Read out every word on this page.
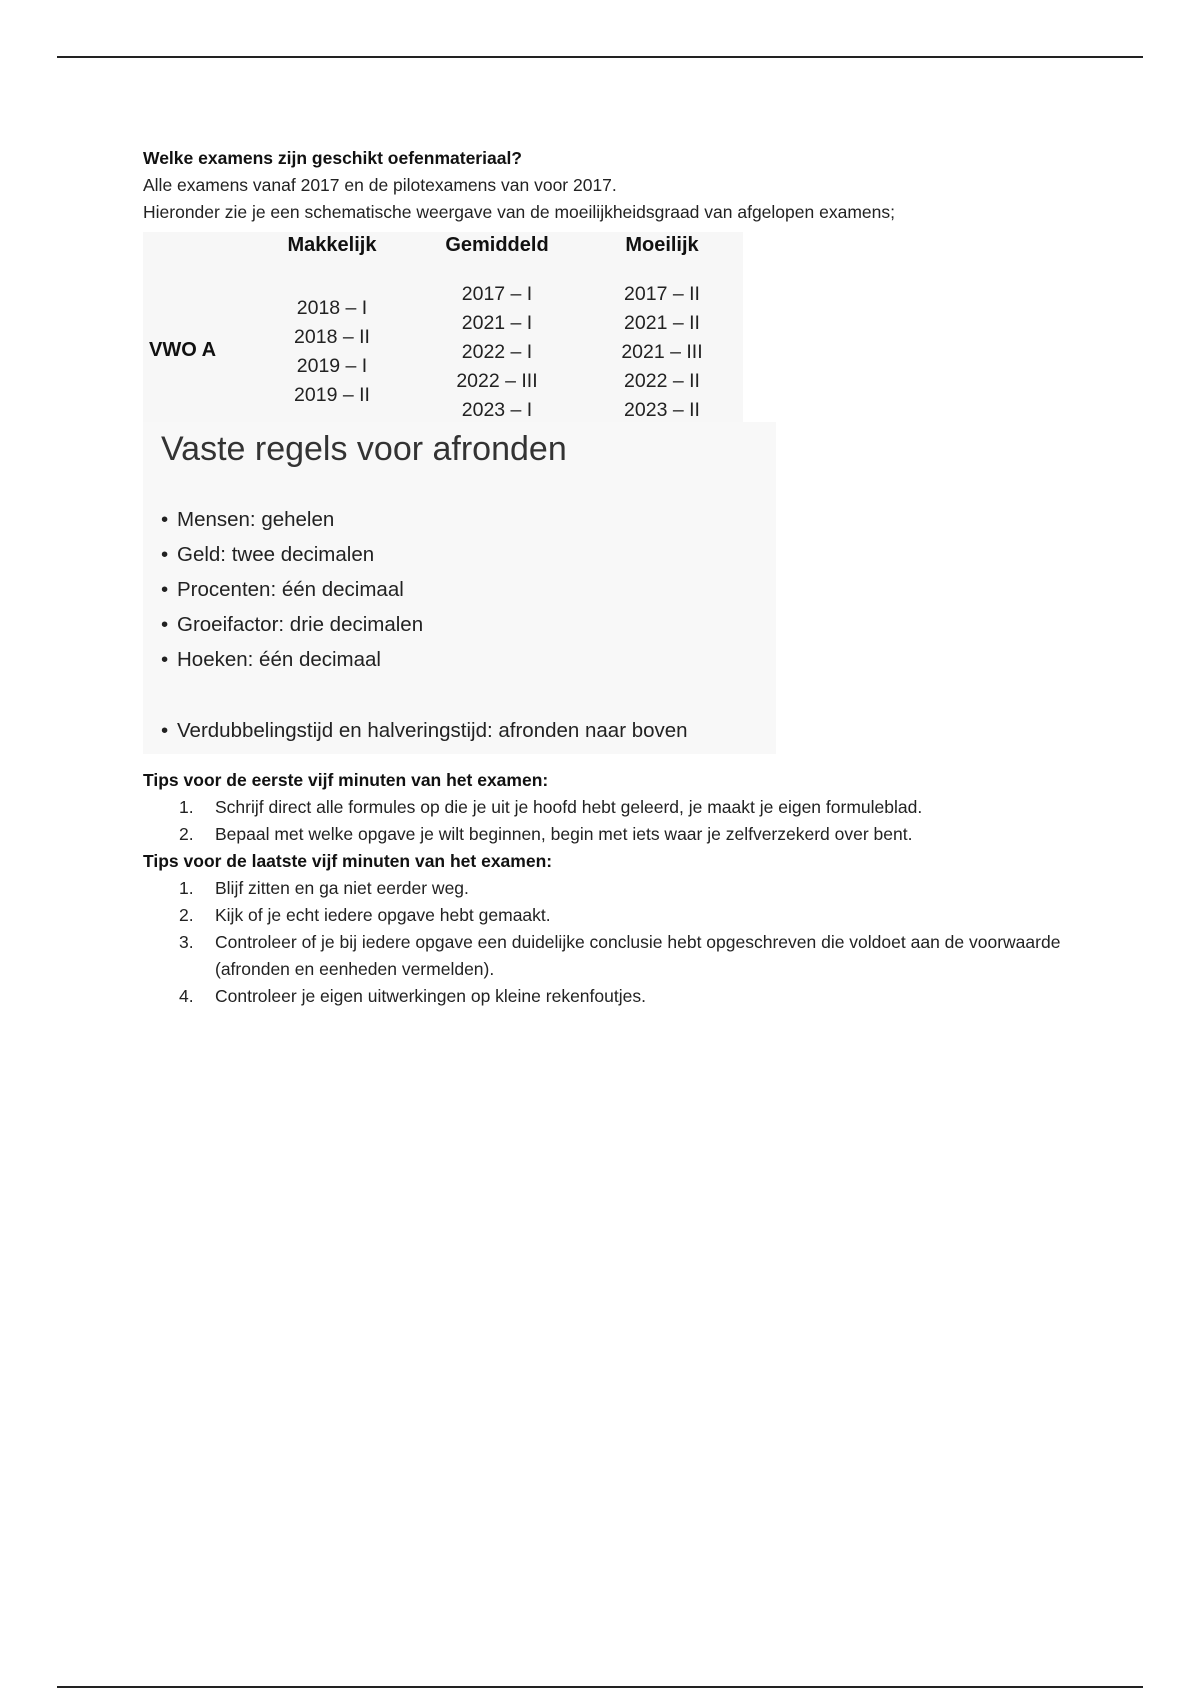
Welke examens zijn geschikt oefenmateriaal?

Alle examens vanaf 2017 en de pilotexamens van voor 2017.

Hieronder zie je een schematische weergave van de moeilijkheidsgraad van afgelopen examens;

VWO A
Makkelijk	Gemiddeld	Moeilijk
2018 – I
2018 – II
2019 – I
2019 – II
2017 – I
2021 – I
2022 – I
2022 – III
2023 – I
2017 – II
2021 – II
2021 – III
2022 – II
2023 – II
Vaste regels voor afronden
• Mensen: gehelen
• Geld: twee decimalen
• Procenten: één decimaal
• Groeifactor: drie decimalen
• Hoeken: één decimaal
• Verdubbelingstijd en halveringstijd: afronden naar boven

Tips voor de eerste vijf minuten van het examen:

1. Schrijf direct alle formules op die je uit je hoofd hebt geleerd, je maakt je eigen formuleblad.
2. Bepaal met welke opgave je wilt beginnen, begin met iets waar je zelfverzekerd over bent.

Tips voor de laatste vijf minuten van het examen:

1. Blijf zitten en ga niet eerder weg.
2. Kijk of je echt iedere opgave hebt gemaakt.
3. Controleer of je bij iedere opgave een duidelijke conclusie hebt opgeschreven die voldoet aan de voorwaarde (afronden en eenheden vermelden).
4. Controleer je eigen uitwerkingen op kleine rekenfoutjes.
